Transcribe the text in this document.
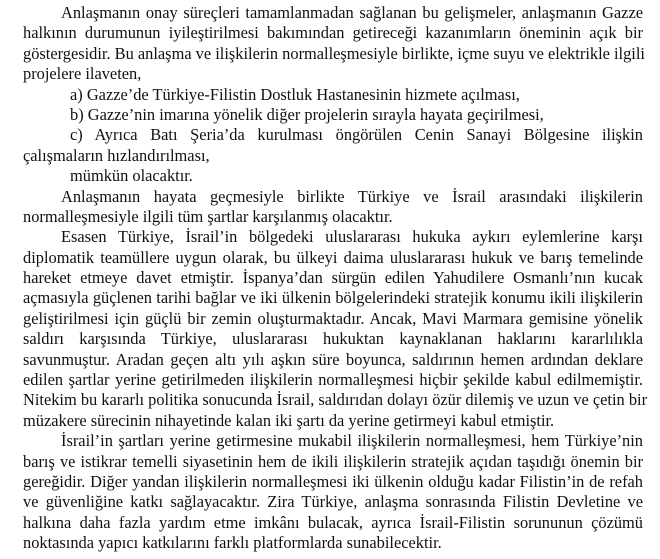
Anlaşmanın onay süreçleri tamamlanmadan sağlanan bu gelişmeler, anlaşmanın Gazze
halkının durumunun iyileştirilmesi bakımından getireceği kazanımların öneminin açık bir
göstergesidir. Bu anlaşma ve ilişkilerin normalleşmesiyle birlikte, içme suyu ve elektrikle ilgili
projelere ilaveten,
a) Gazze’de Türkiye-Filistin Dostluk Hastanesinin hizmete açılması,
b) Gazze’nin imarına yönelik diğer projelerin sırayla hayata geçirilmesi,
c) Ayrıca Batı Şeria’da kurulması öngörülen Cenin Sanayi Bölgesine ilişkin
çalışmaların hızlandırılması,
mümkün olacaktır.
Anlaşmanın hayata geçmesiyle birlikte Türkiye ve İsrail arasındaki ilişkilerin
normalleşmesiyle ilgili tüm şartlar karşılanmış olacaktır.
Esasen Türkiye, İsrail’in bölgedeki uluslararası hukuka aykırı eylemlerine karşı
diplomatik teamüllere uygun olarak, bu ülkeyi daima uluslararası hukuk ve barış temelinde
hareket etmeye davet etmiştir. İspanya’dan sürgün edilen Yahudilere Osmanlı’nın kucak
açmasıyla güçlenen tarihi bağlar ve iki ülkenin bölgelerindeki stratejik konumu ikili ilişkilerin
geliştirilmesi için güçlü bir zemin oluşturmaktadır. Ancak, Mavi Marmara gemisine yönelik
saldırı karşısında Türkiye, uluslararası hukuktan kaynaklanan haklarını kararlılıkla
savunmuştur. Aradan geçen altı yılı aşkın süre boyunca, saldırının hemen ardından deklare
edilen şartlar yerine getirilmeden ilişkilerin normalleşmesi hiçbir şekilde kabul edilmemiştir.
Nitekim bu kararlı politika sonucunda İsrail, saldırıdan dolayı özür dilemiş ve uzun ve çetin bir
müzakere sürecinin nihayetinde kalan iki şartı da yerine getirmeyi kabul etmiştir.
İsrail’in şartları yerine getirmesine mukabil ilişkilerin normalleşmesi, hem Türkiye’nin
barış ve istikrar temelli siyasetinin hem de ikili ilişkilerin stratejik açıdan taşıdığı önemin bir
gereğidir. Diğer yandan ilişkilerin normalleşmesi iki ülkenin olduğu kadar Filistin’in de refah
ve güvenliğine katkı sağlayacaktır. Zira Türkiye, anlaşma sonrasında Filistin Devletine ve
halkına daha fazla yardım etme imkânı bulacak, ayrıca İsrail-Filistin sorununun çözümü
noktasında yapıcı katkılarını farklı platformlarda sunabilecektir.
